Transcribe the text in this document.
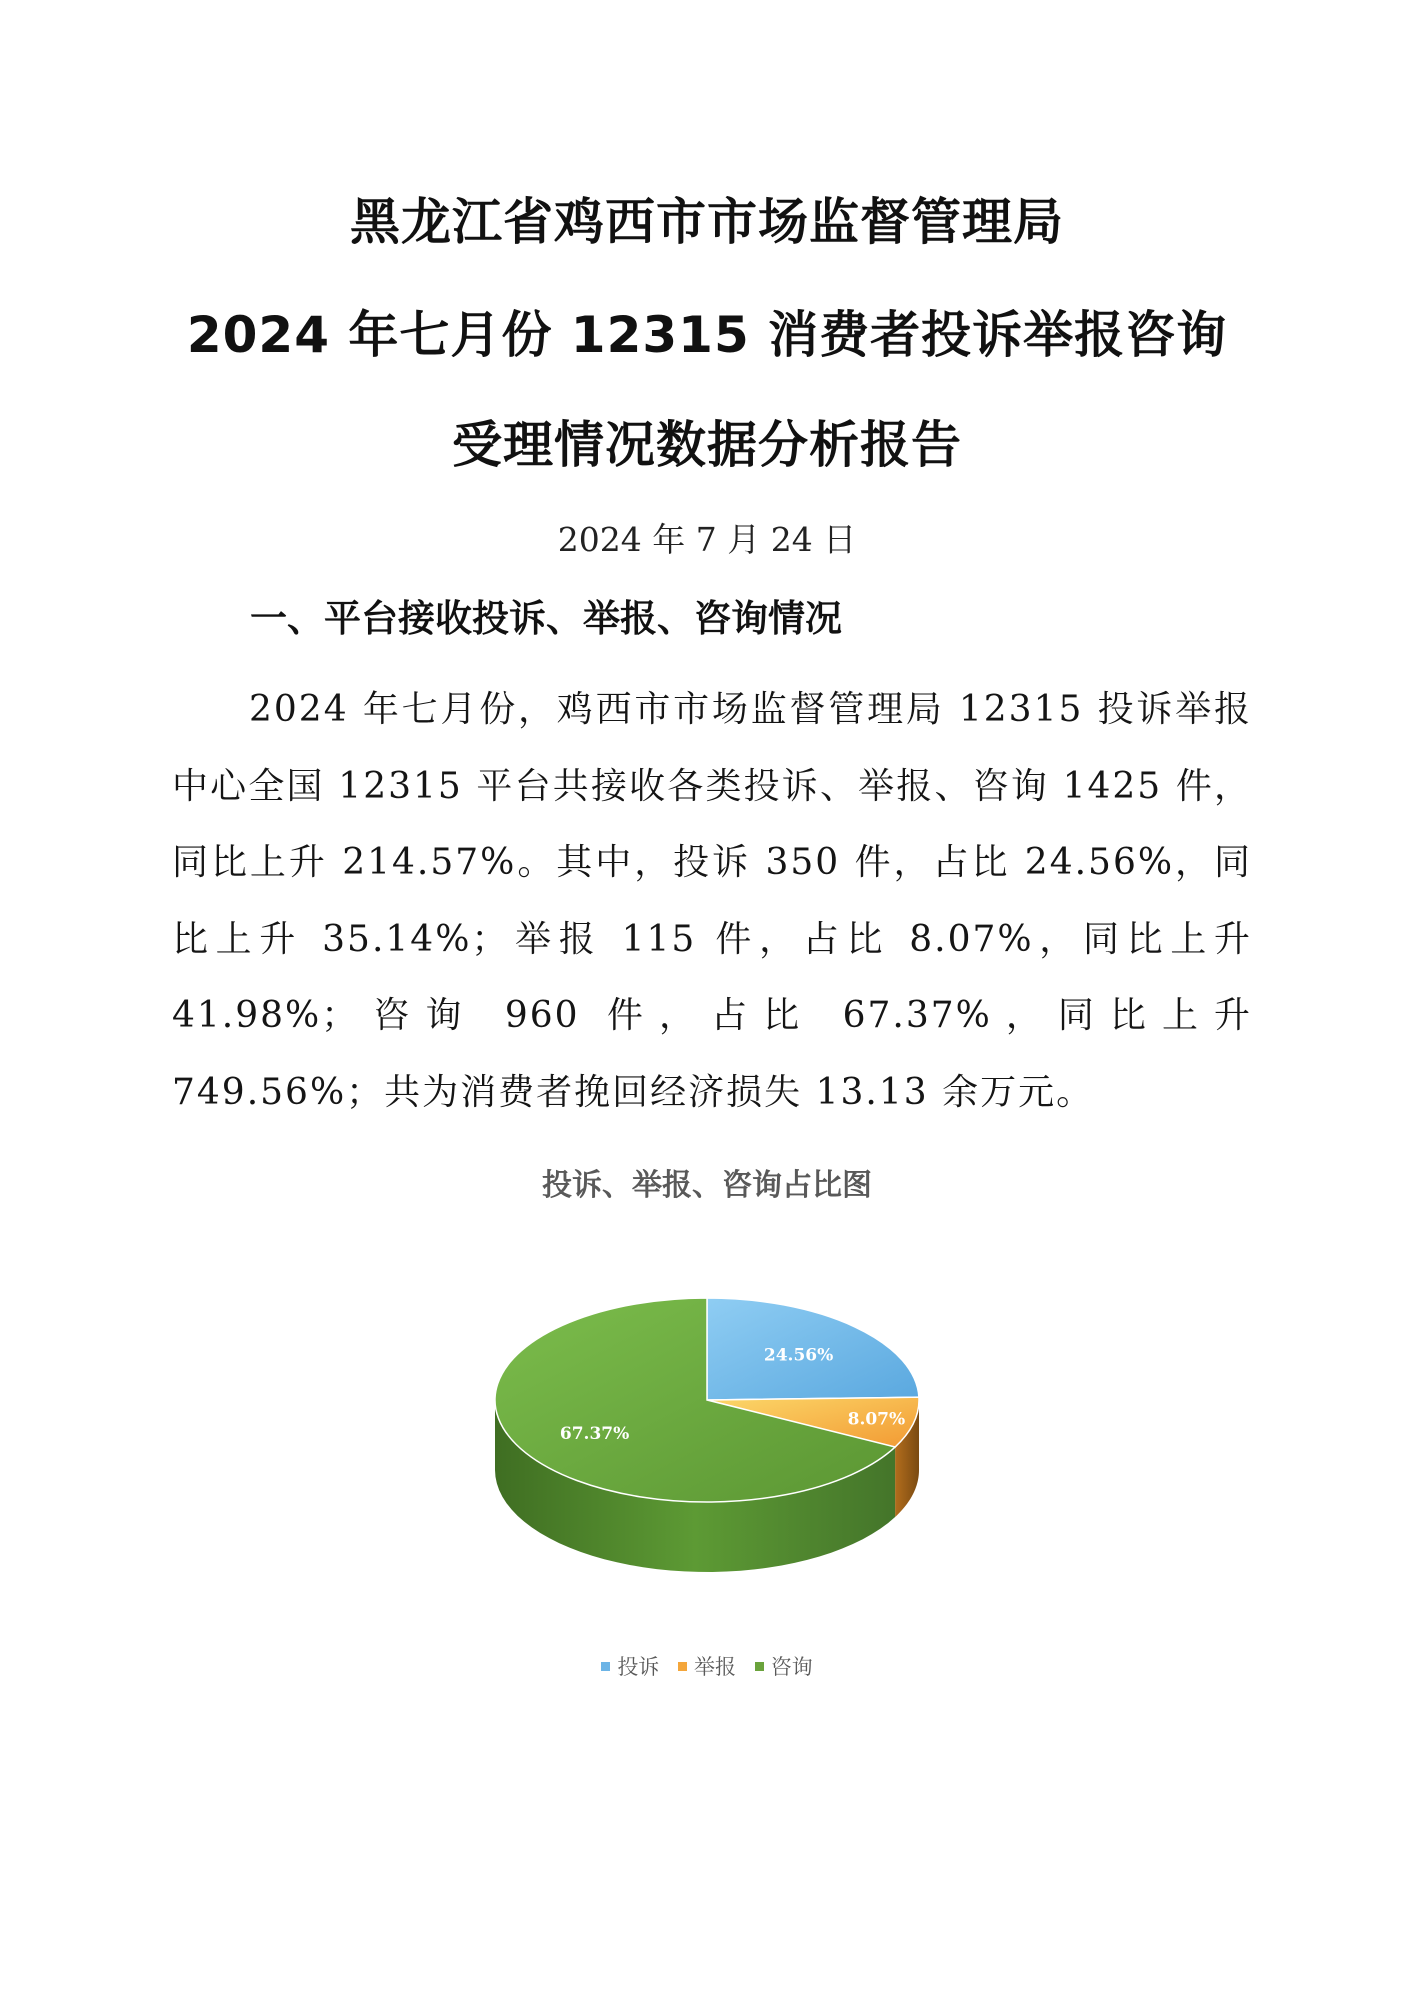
黑龙江省鸡西市市场监督管理局
2024 年七月份 12315 消费者投诉举报咨询
受理情况数据分析报告
2024 年 7 月 24 日
一、平台接收投诉、举报、咨询情况
2024 年七月份，鸡西市市场监督管理局 12315 投诉举报中心全国 12315 平台共接收各类投诉、举报、咨询 1425 件，同比上升 214.57%。其中，投诉 350 件，占比 24.56%，同比上升 35.14%；举报 115 件，占比 8.07%，同比上升 41.98%；咨询 960 件，占比 67.37%，同比上升 749.56%；共为消费者挽回经济损失 13.13 余万元。
投诉、举报、咨询占比图
24.56%
8.07%
67.37%
投诉 举报 咨询
